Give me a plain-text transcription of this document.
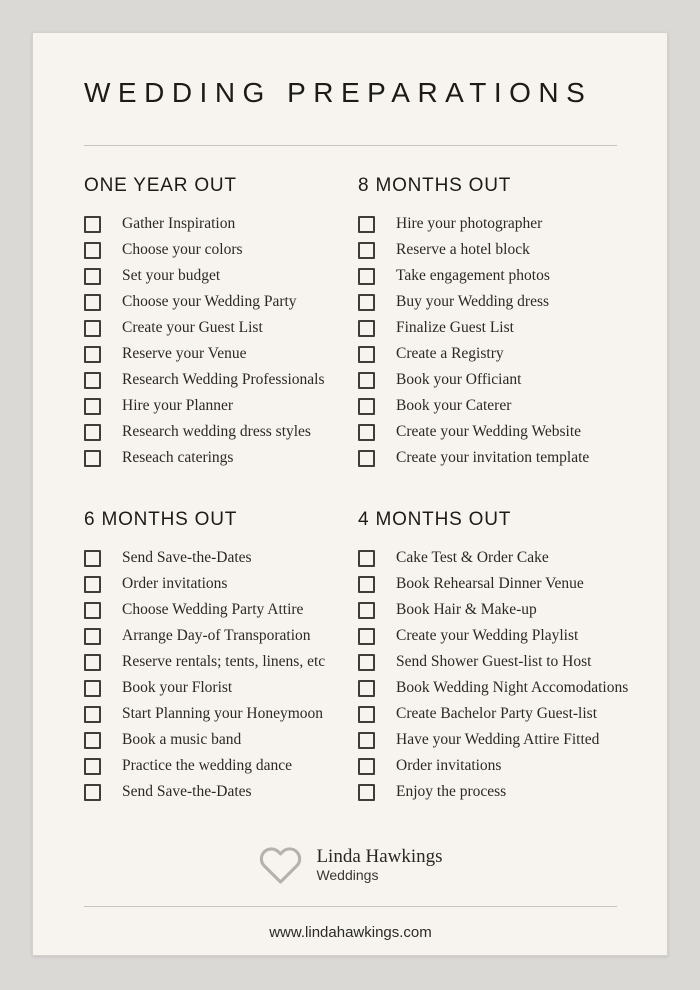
WEDDING PREPARATIONS
ONE YEAR OUT
Gather Inspiration
Choose your colors
Set your budget
Choose your Wedding Party
Create your Guest List
Reserve your Venue
Research Wedding Professionals
Hire your Planner
Research wedding dress styles
Reseach caterings
8 MONTHS OUT
Hire your photographer
Reserve a hotel block
Take engagement photos
Buy your Wedding dress
Finalize Guest List
Create a Registry
Book your Officiant
Book your Caterer
Create your Wedding Website
Create your invitation template
6 MONTHS OUT
Send Save-the-Dates
Order invitations
Choose Wedding Party Attire
Arrange Day-of Transporation
Reserve rentals; tents, linens, etc
Book your Florist
Start Planning your Honeymoon
Book a music band
Practice the wedding dance
Send Save-the-Dates
4 MONTHS OUT
Cake Test & Order Cake
Book Rehearsal Dinner Venue
Book Hair & Make-up
Create your Wedding Playlist
Send Shower Guest-list to Host
Book Wedding Night Accomodations
Create Bachelor Party Guest-list
Have your Wedding Attire Fitted
Order invitations
Enjoy the process
Linda Hawkings
Weddings
www.lindahawkings.com
